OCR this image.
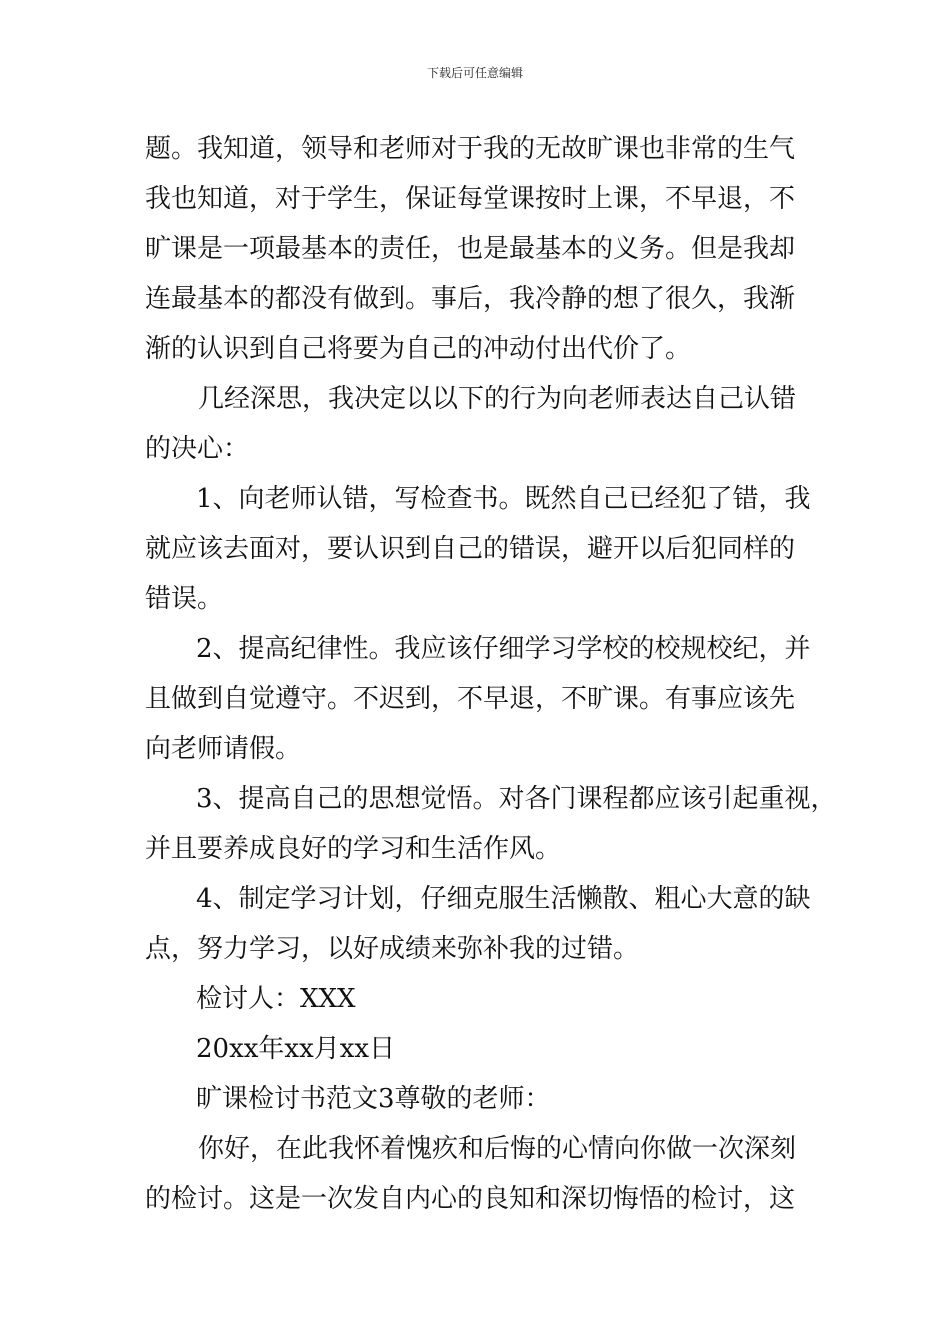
下载后可任意编辑
题。我知道，领导和老师对于我的无故旷课也非常的生气
我也知道，对于学生，保证每堂课按时上课，不早退，不
旷课是一项最基本的责任，也是最基本的义务。但是我却
连最基本的都没有做到。事后，我冷静的想了很久，我渐
渐的认识到自己将要为自己的冲动付出代价了。
几经深思，我决定以以下的行为向老师表达自己认错
的决心：
1、向老师认错，写检查书。既然自己已经犯了错，我
就应该去面对，要认识到自己的错误，避开以后犯同样的
错误。
2、提高纪律性。我应该仔细学习学校的校规校纪，并
且做到自觉遵守。不迟到，不早退，不旷课。有事应该先
向老师请假。
3、提高自己的思想觉悟。对各门课程都应该引起重视，
并且要养成良好的学习和生活作风。
4、制定学习计划，仔细克服生活懒散、粗心大意的缺
点，努力学习，以好成绩来弥补我的过错。
检讨人：XXX
20xx年xx月xx日
旷课检讨书范文3尊敬的老师：
你好，在此我怀着愧疚和后悔的心情向你做一次深刻
的检讨。这是一次发自内心的良知和深切悔悟的检讨，这
